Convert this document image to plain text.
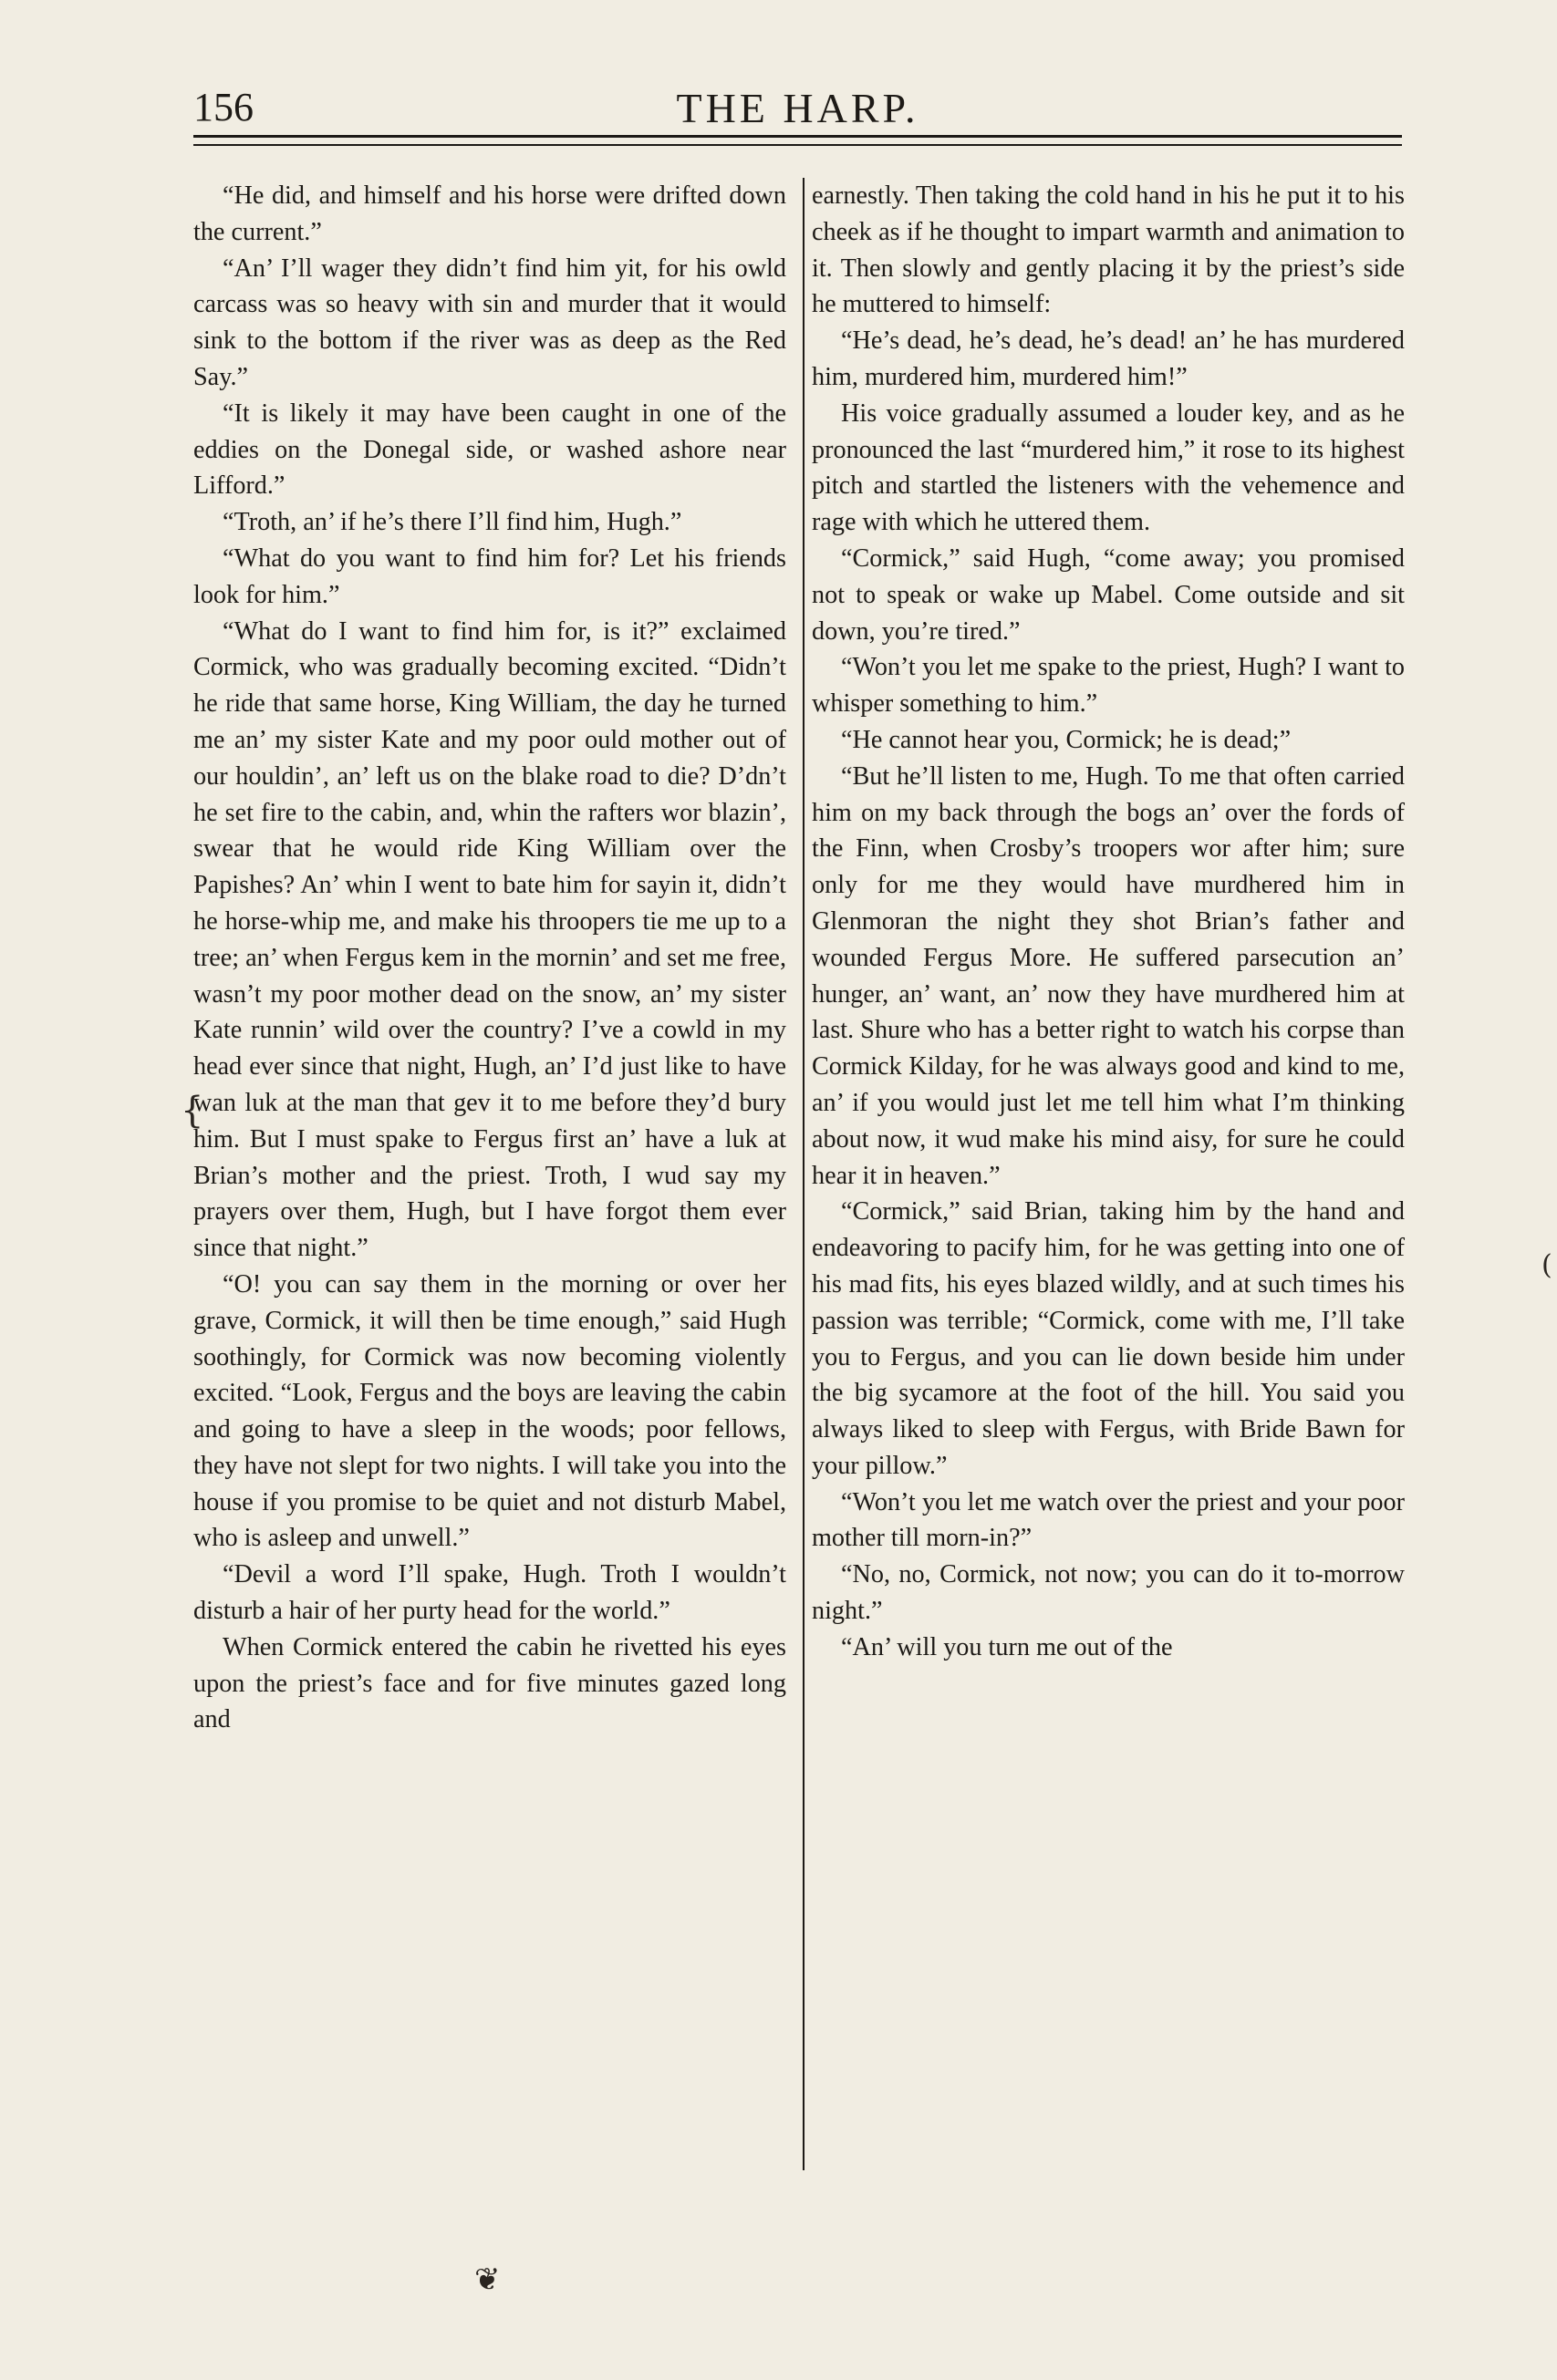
156	THE HARP.

“He did, and himself and his horse were drifted down the current.”

“An’ I’ll wager they didn’t find him yit, for his owld carcass was so heavy with sin and murder that it would sink to the bottom if the river was as deep as the Red Say.”

“It is likely it may have been caught in one of the eddies on the Donegal side, or washed ashore near Lifford.”

“Troth, an’ if he’s there I’ll find him, Hugh.”

“What do you want to find him for? Let his friends look for him.”

“What do I want to find him for, is it?” exclaimed Cormick, who was gradually becoming excited. “Didn’t he ride that same horse, King William, the day he turned me an’ my sister Kate and my poor ould mother out of our houldin’, an’ left us on the blake road to die? D’dn’t he set fire to the cabin, and, whin the rafters wor blazin’, swear that he would ride King William over the Papishes? An’ whin I went to bate him for sayin it, didn’t he horse-whip me, and make his throopers tie me up to a tree; an’ when Fergus kem in the mornin’ and set me free, wasn’t my poor mother dead on the snow, an’ my sister Kate runnin’ wild over the country? I’ve a cowld in my head ever since that night, Hugh, an’ I’d just like to have wan luk at the man that gev it to me before they’d bury him. But I must spake to Fergus first an’ have a luk at Brian’s mother and the priest. Troth, I wud say my prayers over them, Hugh, but I have forgot them ever since that night.”

“O! you can say them in the morning or over her grave, Cormick, it will then be time enough,” said Hugh soothingly, for Cormick was now becoming violently excited. “Look, Fergus and the boys are leaving the cabin and going to have a sleep in the woods; poor fellows, they have not slept for two nights. I will take you into the house if you promise to be quiet and not disturb Mabel, who is asleep and unwell.”

“Devil a word I’ll spake, Hugh. Troth I wouldn’t disturb a hair of her purty head for the world.”

When Cormick entered the cabin he rivetted his eyes upon the priest’s face and for five minutes gazed long and

earnestly. Then taking the cold hand in his he put it to his cheek as if he thought to impart warmth and animation to it. Then slowly and gently placing it by the priest’s side he muttered to himself:

“He’s dead, he’s dead, he’s dead! an’ he has murdered him, murdered him, murdered him!”

His voice gradually assumed a louder key, and as he pronounced the last “murdered him,” it rose to its highest pitch and startled the listeners with the vehemence and rage with which he uttered them.

“Cormick,” said Hugh, “come away; you promised not to speak or wake up Mabel. Come outside and sit down, you’re tired.”

“Won’t you let me spake to the priest, Hugh? I want to whisper something to him.”

“He cannot hear you, Cormick; he is dead;”

“But he’ll listen to me, Hugh. To me that often carried him on my back through the bogs an’ over the fords of the Finn, when Crosby’s troopers wor after him; sure only for me they would have murdhered him in Glenmoran the night they shot Brian’s father and wounded Fergus More. He suffered parsecution an’ hunger, an’ want, an’ now they have murdhered him at last. Shure who has a better right to watch his corpse than Cormick Kilday, for he was always good and kind to me, an’ if you would just let me tell him what I’m thinking about now, it wud make his mind aisy, for sure he could hear it in heaven.”

“Cormick,” said Brian, taking him by the hand and endeavoring to pacify him, for he was getting into one of his mad fits, his eyes blazed wildly, and at such times his passion was terrible; “Cormick, come with me, I’ll take you to Fergus, and you can lie down beside him under the big sycamore at the foot of the hill. You said you always liked to sleep with Fergus, with Bride Bawn for your pillow.”

“Won’t you let me watch over the priest and your poor mother till morn-in?”

“No, no, Cormick, not now; you can do it to-morrow night.”

“An’ will you turn me out of the

{
(
❦
